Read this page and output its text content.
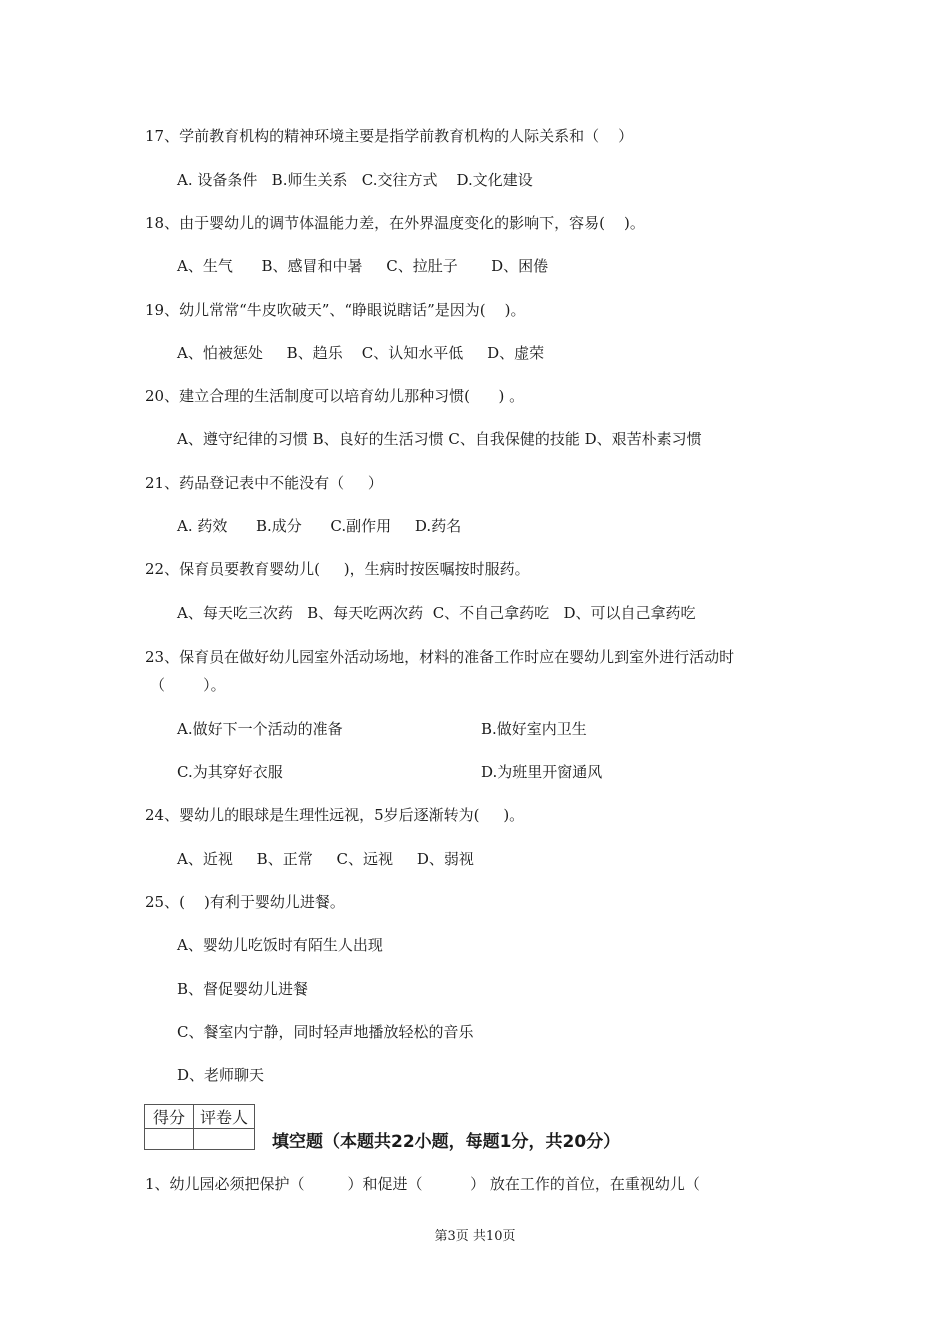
17、学前教育机构的精神环境主要是指学前教育机构的人际关系和（    ）
A. 设备条件   B.师生关系   C.交往方式    D.文化建设
18、由于婴幼儿的调节体温能力差，在外界温度变化的影响下，容易(    )。
A、生气      B、感冒和中暑     C、拉肚子       D、困倦
19、幼儿常常“牛皮吹破天”、“睁眼说瞎话”是因为(    )。
A、怕被惩处     B、趋乐    C、认知水平低     D、虚荣
20、建立合理的生活制度可以培育幼儿那种习惯(      ) 。
A、遵守纪律的习惯 B、良好的生活习惯 C、自我保健的技能 D、艰苦朴素习惯
21、药品登记表中不能没有（     ）
A. 药效      B.成分      C.副作用     D.药名
22、保育员要教育婴幼儿(     )，生病时按医嘱按时服药。
A、每天吃三次药   B、每天吃两次药  C、不自己拿药吃   D、可以自己拿药吃
23、保育员在做好幼儿园室外活动场地，材料的准备工作时应在婴幼儿到室外进行活动时
（        ）。
A.做好下一个活动的准备	B.做好室内卫生
C.为其穿好衣服	D.为班里开窗通风
24、婴幼儿的眼球是生理性远视，5岁后逐渐转为(     )。
A、近视     B、正常     C、远视     D、弱视
25、(    )有利于婴幼儿进餐。
A、婴幼儿吃饭时有陌生人出现
B、督促婴幼儿进餐
C、餐室内宁静，同时轻声地播放轻松的音乐
D、老师聊天
得分	评卷人

填空题（本题共22小题，每题1分，共20分）
1、幼儿园必须把保护（         ）和促进（          ） 放在工作的首位，在重视幼儿（
第3页 共10页
